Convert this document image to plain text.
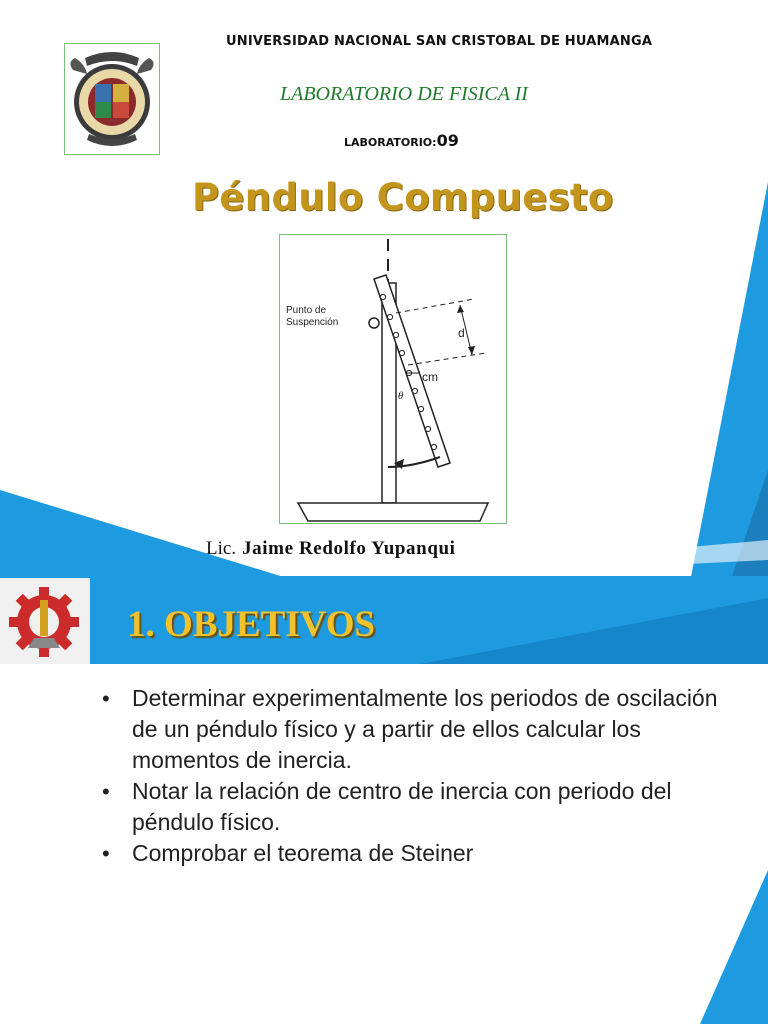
UNIVERSIDAD NACIONAL SAN CRISTOBAL DE HUAMANGA
LABORATORIO DE FISICA II
LABORATORIO:09
Péndulo Compuesto
Punto de
Suspención
d
cm
θ
Lic. Jaime Redolfo Yupanqui
1. OBJETIVOS
• Determinar experimentalmente los periodos de oscilación de un péndulo físico y a partir de ellos calcular los momentos de inercia.
• Notar la relación de centro de inercia con periodo del péndulo físico.
• Comprobar el teorema de Steiner
